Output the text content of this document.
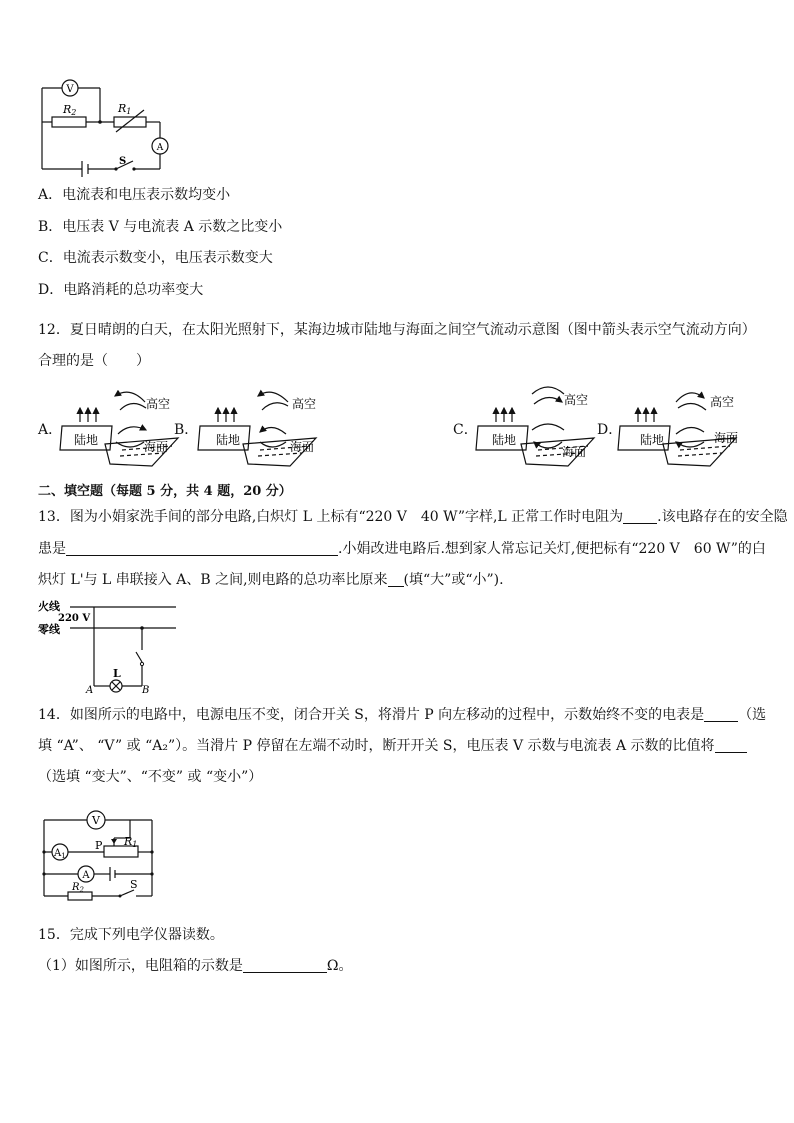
V
A
R2	R1
S
A．电流表和电压表示数均变小
B．电压表 V 与电流表 A 示数之比变小
C．电流表示数变小，电压表示数变大
D．电路消耗的总功率变大
12．夏日晴朗的白天，在太阳光照射下，某海边城市陆地与海面之间空气流动示意图（图中箭头表示空气流动方向）
合理的是（　　）
A．	B．	C．	D．
高空
陆地	海面
高空
陆地	海面
高空
陆地
海面
高空
陆地	海面
二、填空题（每题 5 分，共 4 题，20 分）
13．图为小娟家洗手间的部分电路,白炽灯 L 上标有“220 V　40 W”字样,L 正常工作时电阻为 .该电路存在的安全隐
患是	.小娟改进电路后.想到家人常忘记关灯,便把标有“220 V　60 W”的白
炽灯 L'与 L 串联接入 A、B 之间,则电路的总功率比原来 (填“大”或“小”).
火线
220 V
零线
L
A	B
14．如图所示的电路中，电源电压不变，闭合开关 S，将滑片 P 向左移动的过程中，示数始终不变的电表是 （选
填 “A”、 “V” 或 “A₂”）。当滑片 P 停留在左端不动时，断开开关 S，电压表 V 示数与电流表 A 示数的比值将
（选填 “变大”、“不变” 或 “变小”）
V
$A_1$
A
P R1
$R_2$	S
15．完成下列电学仪器读数。
（1）如图所示，电阻箱的示数是	Ω。
